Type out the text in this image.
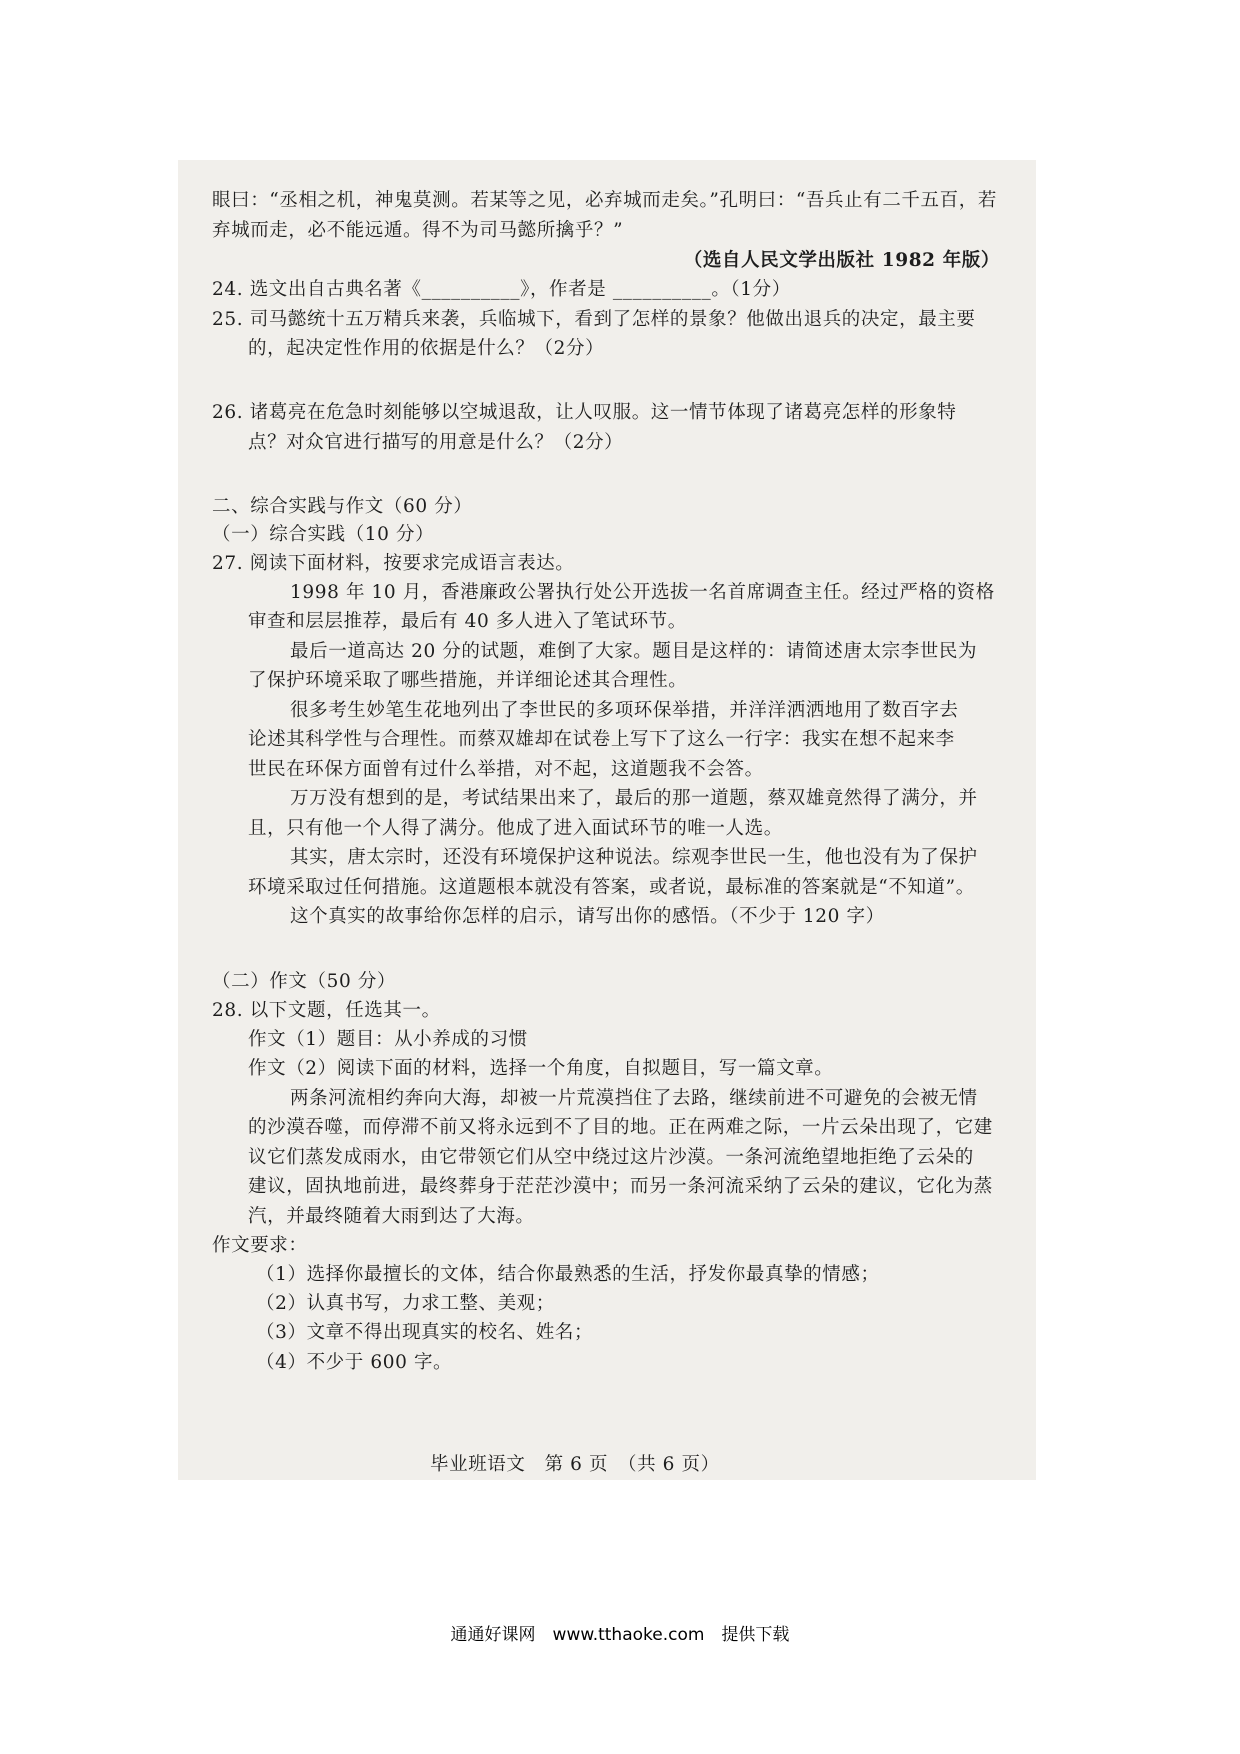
眼曰：“丞相之机，神鬼莫测。若某等之见，必弃城而走矣。”孔明曰：“吾兵止有二千五百，若
弃城而走，必不能远遁。得不为司马懿所擒乎？”
（选自人民文学出版社 1982 年版）
24. 选文出自古典名著《__________》，作者是 __________。（1分）
25. 司马懿统十五万精兵来袭，兵临城下，看到了怎样的景象？他做出退兵的决定，最主要
的，起决定性作用的依据是什么？（2分）
26. 诸葛亮在危急时刻能够以空城退敌，让人叹服。这一情节体现了诸葛亮怎样的形象特
点？对众官进行描写的用意是什么？（2分）
二、综合实践与作文（60 分）
（一）综合实践（10 分）
27. 阅读下面材料，按要求完成语言表达。
1998 年 10 月，香港廉政公署执行处公开选拔一名首席调查主任。经过严格的资格
审查和层层推荐，最后有 40 多人进入了笔试环节。
最后一道高达 20 分的试题，难倒了大家。题目是这样的：请简述唐太宗李世民为
了保护环境采取了哪些措施，并详细论述其合理性。
很多考生妙笔生花地列出了李世民的多项环保举措，并洋洋洒洒地用了数百字去
论述其科学性与合理性。而蔡双雄却在试卷上写下了这么一行字：我实在想不起来李
世民在环保方面曾有过什么举措，对不起，这道题我不会答。
万万没有想到的是，考试结果出来了，最后的那一道题，蔡双雄竟然得了满分，并
且，只有他一个人得了满分。他成了进入面试环节的唯一人选。
其实，唐太宗时，还没有环境保护这种说法。综观李世民一生，他也没有为了保护
环境采取过任何措施。这道题根本就没有答案，或者说，最标准的答案就是“不知道”。
这个真实的故事给你怎样的启示，请写出你的感悟。（不少于 120 字）
（二）作文（50 分）
28. 以下文题，任选其一。
作文（1）题目：从小养成的习惯
作文（2）阅读下面的材料，选择一个角度，自拟题目，写一篇文章。
两条河流相约奔向大海，却被一片荒漠挡住了去路，继续前进不可避免的会被无情
的沙漠吞噬，而停滞不前又将永远到不了目的地。正在两难之际，一片云朵出现了，它建
议它们蒸发成雨水，由它带领它们从空中绕过这片沙漠。一条河流绝望地拒绝了云朵的
建议，固执地前进，最终葬身于茫茫沙漠中；而另一条河流采纳了云朵的建议，它化为蒸
汽，并最终随着大雨到达了大海。
作文要求：
（1）选择你最擅长的文体，结合你最熟悉的生活，抒发你最真挚的情感；
（2）认真书写，力求工整、美观；
（3）文章不得出现真实的校名、姓名；
（4）不少于 600 字。
毕业班语文　第 6 页　（共 6 页）
通通好课网　www.tthaoke.com　提供下载
